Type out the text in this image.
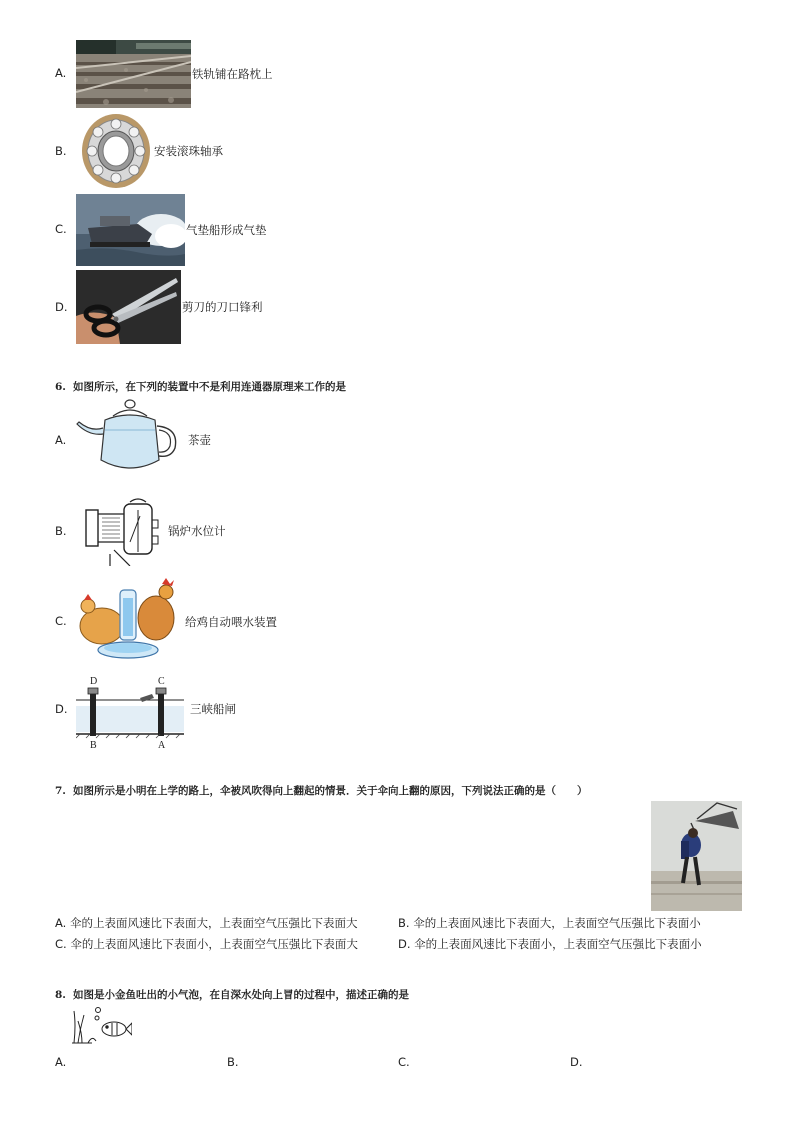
A.	铁轨铺在路枕上
B.	安装滚珠轴承
C.	气垫船形成气垫
D.	剪刀的刀口锋利
6. 如图所示，在下列的装置中不是利用连通器原理来工作的是
A.	茶壶
B.	锅炉水位计
C.	给鸡自动喂水装置
D.
D	C
B	A
三峡船闸
7. 如图所示是小明在上学的路上，伞被风吹得向上翻起的情景．关于伞向上翻的原因，下列说法正确的是（　　）
A. 伞的上表面风速比下表面大，上表面空气压强比下表面大	B. 伞的上表面风速比下表面大，上表面空气压强比下表面小
C. 伞的上表面风速比下表面小，上表面空气压强比下表面大	D. 伞的上表面风速比下表面小，上表面空气压强比下表面小
8. 如图是小金鱼吐出的小气泡，在自深水处向上冒的过程中，描述正确的是
A.	B.	C.	D.
